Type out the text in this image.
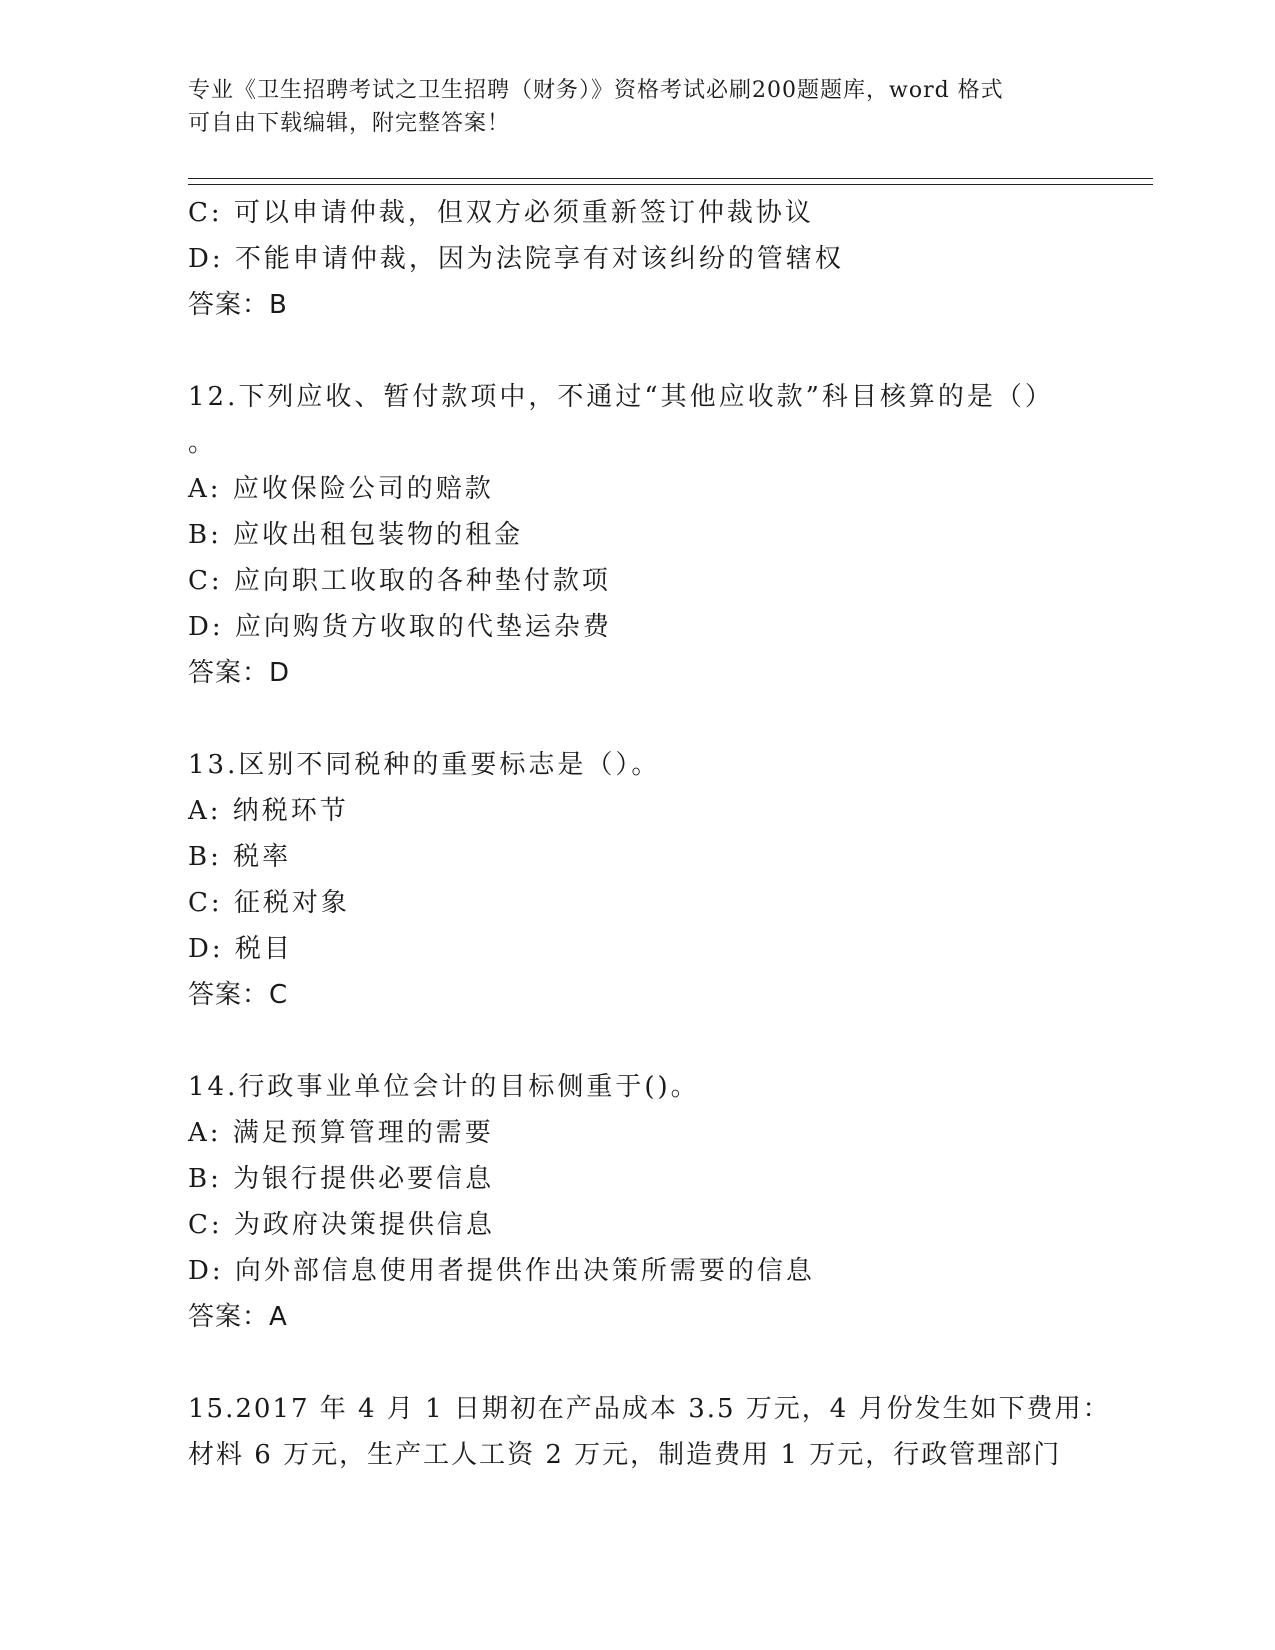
专业《卫生招聘考试之卫生招聘（财务）》资格考试必刷200题题库，word 格式
可自由下载编辑，附完整答案！
C: 可以申请仲裁，但双方必须重新签订仲裁协议
D: 不能申请仲裁，因为法院享有对该纠纷的管辖权
答案：B
12.下列应收、暂付款项中，不通过“其他应收款”科目核算的是（）
。
A: 应收保险公司的赔款
B: 应收出租包装物的租金
C: 应向职工收取的各种垫付款项
D: 应向购货方收取的代垫运杂费
答案：D
13.区别不同税种的重要标志是（）。
A: 纳税环节
B: 税率
C: 征税对象
D: 税目
答案：C
14.行政事业单位会计的目标侧重于()。
A: 满足预算管理的需要
B: 为银行提供必要信息
C: 为政府决策提供信息
D: 向外部信息使用者提供作出决策所需要的信息
答案：A
15.2017 年 4 月 1 日期初在产品成本 3.5 万元，4 月份发生如下费用：
材料 6 万元，生产工人工资 2 万元，制造费用 1 万元，行政管理部门
